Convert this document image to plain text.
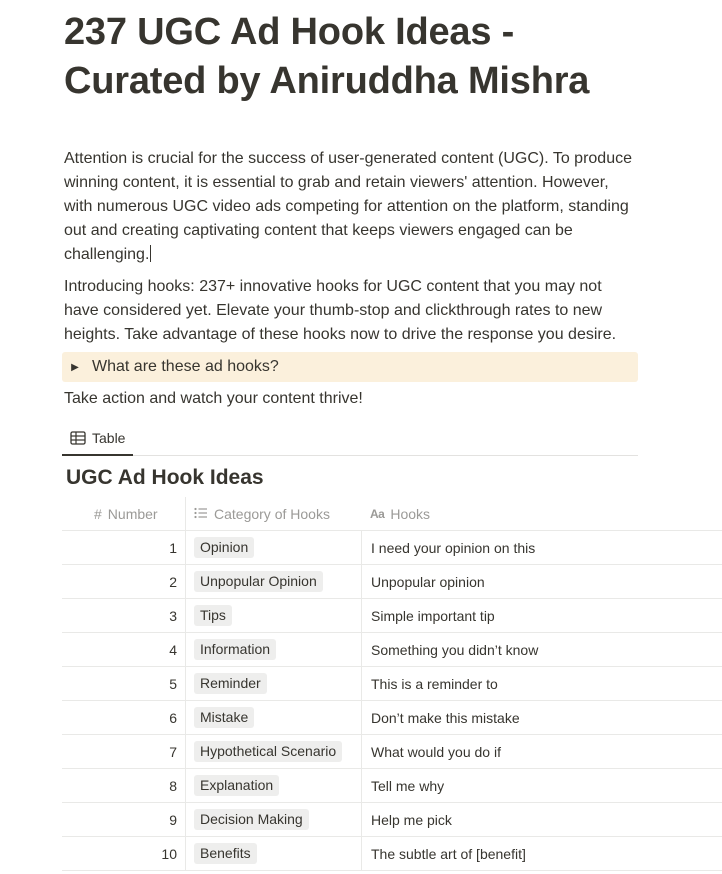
237 UGC Ad Hook Ideas - Curated by Aniruddha Mishra

Attention is crucial for the success of user-generated content (UGC). To produce winning content, it is essential to grab and retain viewers' attention. However, with numerous UGC video ads competing for attention on the platform, standing out and creating captivating content that keeps viewers engaged can be challenging.

Introducing hooks: 237+ innovative hooks for UGC content that you may not have considered yet. Elevate your thumb-stop and clickthrough rates to new heights. Take advantage of these hooks now to drive the response you desire.

▶ What are these ad hooks?

Take action and watch your content thrive!

Table
UGC Ad Hook Ideas
# Number	Category of Hooks	Aa Hooks
1	Opinion	I need your opinion on this
2	Unpopular Opinion	Unpopular opinion
3	Tips	Simple important tip
4	Information	Something you didn’t know
5	Reminder	This is a reminder to
6	Mistake	Don’t make this mistake
7	Hypothetical Scenario	What would you do if
8	Explanation	Tell me why
9	Decision Making	Help me pick
10	Benefits	The subtle art of [benefit]
